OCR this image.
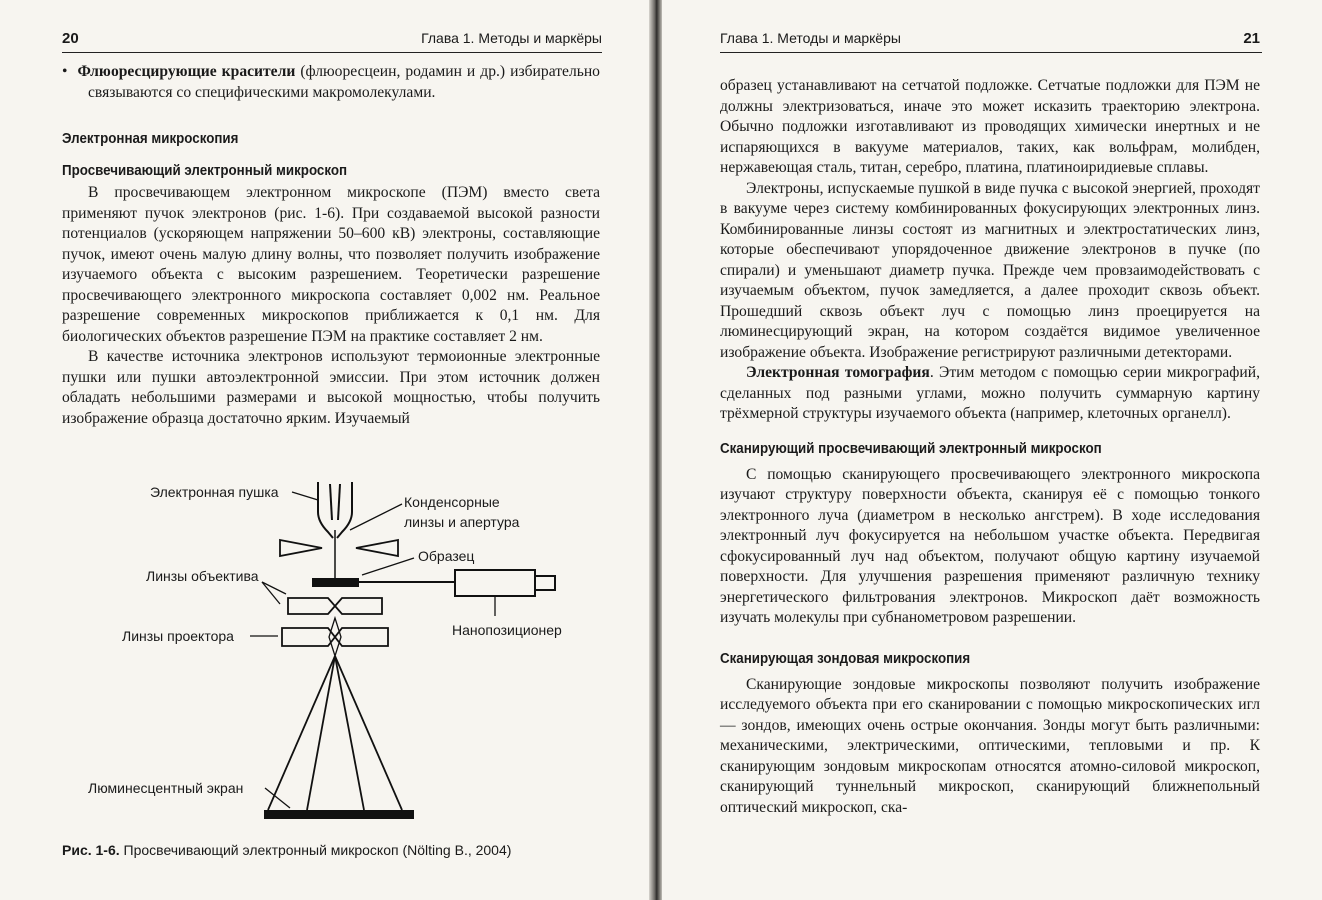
20	Глава 1. Методы и маркёры

•  Флюоресцирующие красители (флюоресцеин, родамин и др.) избирательно связываются со специфическими макромолекулами.

Электронная микроскопия
Просвечивающий электронный микроскоп

В просвечивающем электронном микроскопе (ПЭМ) вместо света применяют пучок электронов (рис. 1-6). При создаваемой высокой разности потенциалов (ускоряющем напряжении 50–600 кВ) электроны, составляющие пучок, имеют очень малую длину волны, что позволяет получить изображение изучаемого объекта с высоким разрешением. Теоретически разрешение просвечивающего электронного микроскопа составляет 0,002 нм. Реальное разрешение современных микроскопов приближается к 0,1 нм. Для биологических объектов разрешение ПЭМ на практике составляет 2 нм.

В качестве источника электронов используют термоионные электронные пушки или пушки автоэлектронной эмиссии. При этом источник должен обладать небольшими размерами и высокой мощностью, чтобы получить изображение образца достаточно ярким. Изучаемый

Электронная пушка
Конденсорные
линзы и апертура
Образец
Линзы объектива
Линзы проектора	Нанопозиционер
Люминесцентный экран
Рис. 1-6. Просвечивающий электронный микроскоп (Nölting B., 2004)
Глава 1. Методы и маркёры	21

образец устанавливают на сетчатой подложке. Сетчатые подложки для ПЭМ не должны электризоваться, иначе это может исказить траекторию электрона. Обычно подложки изготавливают из проводящих химически инертных и не испаряющихся в вакууме материалов, таких, как вольфрам, молибден, нержавеющая сталь, титан, серебро, платина, платиноиридиевые сплавы.

Электроны, испускаемые пушкой в виде пучка с высокой энергией, проходят в вакууме через систему комбинированных фокусирующих электронных линз. Комбинированные линзы состоят из магнитных и электростатических линз, которые обеспечивают упорядоченное движение электронов в пучке (по спирали) и уменьшают диаметр пучка. Прежде чем провзаимодействовать с изучаемым объектом, пучок замедляется, а далее проходит сквозь объект. Прошедший сквозь объект луч с помощью линз проецируется на люминесцирующий экран, на котором создаётся видимое увеличенное изображение объекта. Изображение регистрируют различными детекторами.

Электронная томография. Этим методом с помощью серии микрографий, сделанных под разными углами, можно получить суммарную картину трёхмерной структуры изучаемого объекта (например, клеточных органелл).

Сканирующий просвечивающий электронный микроскоп

С помощью сканирующего просвечивающего электронного микроскопа изучают структуру поверхности объекта, сканируя её с помощью тонкого электронного луча (диаметром в несколько ангстрем). В ходе исследования электронный луч фокусируется на небольшом участке объекта. Передвигая сфокусированный луч над объектом, получают общую картину изучаемой поверхности. Для улучшения разрешения применяют различную технику энергетического фильтрования электронов. Микроскоп даёт возможность изучать молекулы при субнанометровом разрешении.

Сканирующая зондовая микроскопия

Сканирующие зондовые микроскопы позволяют получить изображение исследуемого объекта при его сканировании с помощью микроскопических игл — зондов, имеющих очень острые окончания. Зонды могут быть различными: механическими, электрическими, оптическими, тепловыми и пр. К сканирующим зондовым микроскопам относятся атомно-силовой микроскоп, сканирующий туннельный микроскоп, сканирующий ближнепольный оптический микроскоп, ска-
